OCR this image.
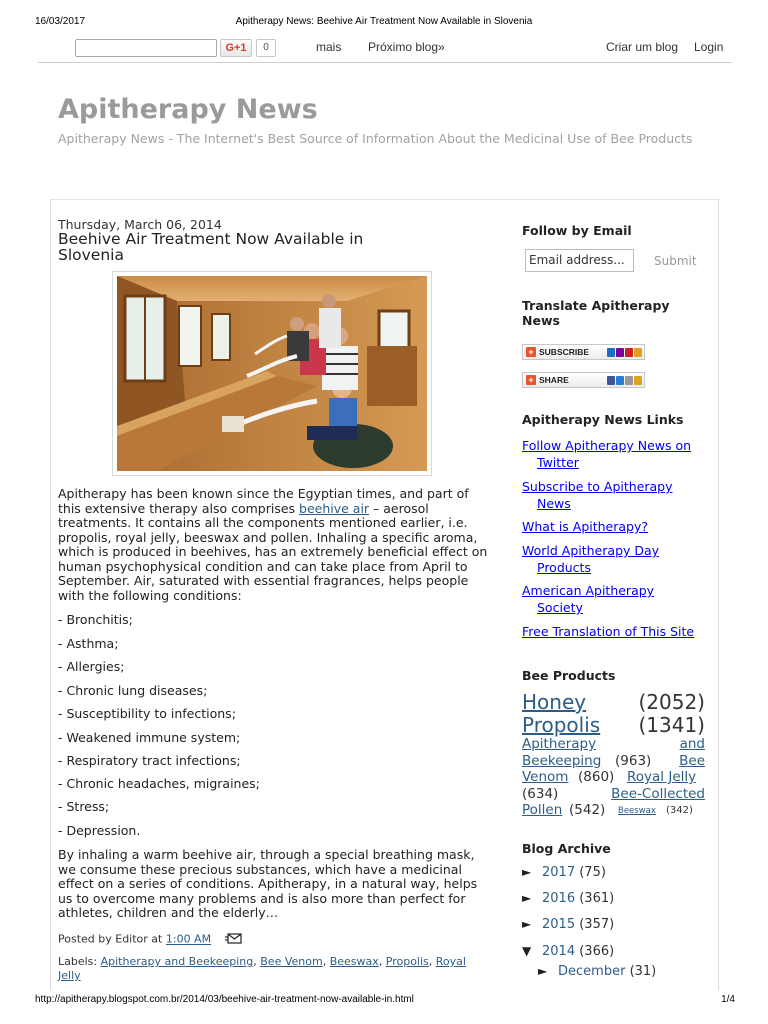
16/03/2017	Apitherapy News: Beehive Air Treatment Now Available in Slovenia
http://apitherapy.blogspot.com.br/2014/03/beehive-air-treatment-now-available-in.html	1/4
G+1	0	mais Próximo blog»	Criar um blog Login
Apitherapy News
Apitherapy News - The Internet's Best Source of Information About the Medicinal Use of Bee Products
Thursday, March 06, 2014
Beehive Air Treatment Now Available in Slovenia
Apitherapy has been known since the Egyptian times, and part of this extensive therapy also comprises beehive air – aerosol treatments. It contains all the components mentioned earlier, i.e. propolis, royal jelly, beeswax and pollen. Inhaling a specific aroma, which is produced in beehives, has an extremely beneficial effect on human psychophysical condition and can take place from April to September. Air, saturated with essential fragrances, helps people with the following conditions:
- Bronchitis;
- Asthma;
- Allergies;
- Chronic lung diseases;
- Susceptibility to infections;
- Weakened immune system;
- Respiratory tract infections;
- Chronic headaches, migraines;
- Stress;
- Depression.
By inhaling a warm beehive air, through a special breathing mask, we consume these precious substances, which have a medicinal effect on a series of conditions. Apitherapy, in a natural way, helps us to overcome many problems and is also more than perfect for athletes, children and the elderly…
Posted by Editor at 1:00 AM
Labels: Apitherapy and Beekeeping, Bee Venom, Beeswax, Propolis, Royal Jelly
Follow by Email
Email address...	Submit
Translate Apitherapy News
+ SUBSCRIBE
+ SHARE
Apitherapy News Links
Follow Apitherapy News on
Twitter
Subscribe to Apitherapy
News
What is Apitherapy?
World Apitherapy Day
Products
American Apitherapy
Society
Free Translation of This Site
Bee Products
Honey	(2052)
Propolis (1341)
Apitherapy	and
Beekeeping (963) Bee
Venom (860) Royal Jelly
(634)	Bee-Collected
Pollen (542) Beeswax (342)
Blog Archive
► 2017 (75)
► 2016 (361)
► 2015 (357)
▼ 2014 (366)
► December (31)
